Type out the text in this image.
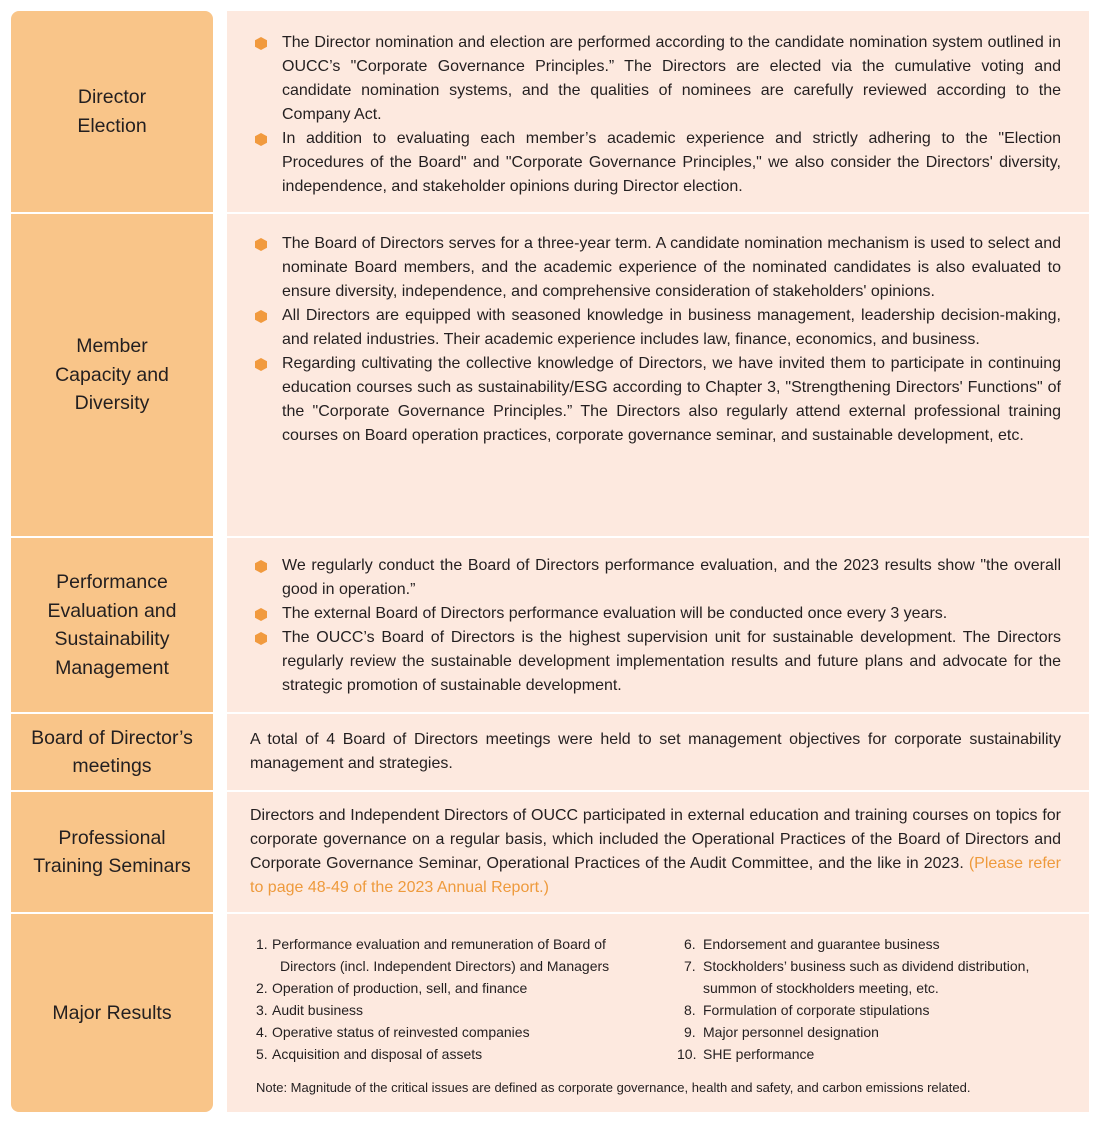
Director
Election
Member
Capacity and
Diversity
Performance
Evaluation and
Sustainability
Management
Board of Director’s
meetings
Professional
Training Seminars
Major Results
The Director nomination and election are performed according to the candidate nomination system outlined in OUCC’s "Corporate Governance Principles.” The Directors are elected via the cumulative voting and candidate nomination systems, and the qualities of nominees are carefully reviewed according to the Company Act.
In addition to evaluating each member’s academic experience and strictly adhering to the "Election Procedures of the Board" and "Corporate Governance Principles," we also consider the Directors' diversity, independence, and stakeholder opinions during Director election.
The Board of Directors serves for a three-year term. A candidate nomination mechanism is used to select and nominate Board members, and the academic experience of the nominated candidates is also evaluated to ensure diversity, independence, and comprehensive consideration of stakeholders' opinions.
All Directors are equipped with seasoned knowledge in business management, leadership decision-making, and related industries. Their academic experience includes law, finance, economics, and business.
Regarding cultivating the collective knowledge of Directors, we have invited them to participate in continuing education courses such as sustainability/ESG according to Chapter 3, "Strengthening Directors' Functions" of the "Corporate Governance Principles.” The Directors also regularly attend external professional training courses on Board operation practices, corporate governance seminar, and sustainable development, etc.
We regularly conduct the Board of Directors performance evaluation, and the 2023 results show "the overall good in operation.”
The external Board of Directors performance evaluation will be conducted once every 3 years.
The OUCC’s Board of Directors is the highest supervision unit for sustainable development. The Directors regularly review the sustainable development implementation results and future plans and advocate for the strategic promotion of sustainable development.

A total of 4 Board of Directors meetings were held to set management objectives for corporate sustainability management and strategies.

Directors and Independent Directors of OUCC participated in external education and training courses on topics for corporate governance on a regular basis, which included the Operational Practices of the Board of Directors and Corporate Governance Seminar, Operational Practices of the Audit Committee, and the like in 2023. (Please refer to page 48-49 of the 2023 Annual Report.)

1. Performance evaluation and remuneration of Board of
Directors (incl. Independent Directors) and Managers
2. Operation of production, sell, and finance
3. Audit business
4. Operative status of reinvested companies
5. Acquisition and disposal of assets
6. Endorsement and guarantee business
7. Stockholders’ business such as dividend distribution,
summon of stockholders meeting, etc.
8. Formulation of corporate stipulations
9. Major personnel designation
10. SHE performance

Note: Magnitude of the critical issues are defined as corporate governance, health and safety, and carbon emissions related.
